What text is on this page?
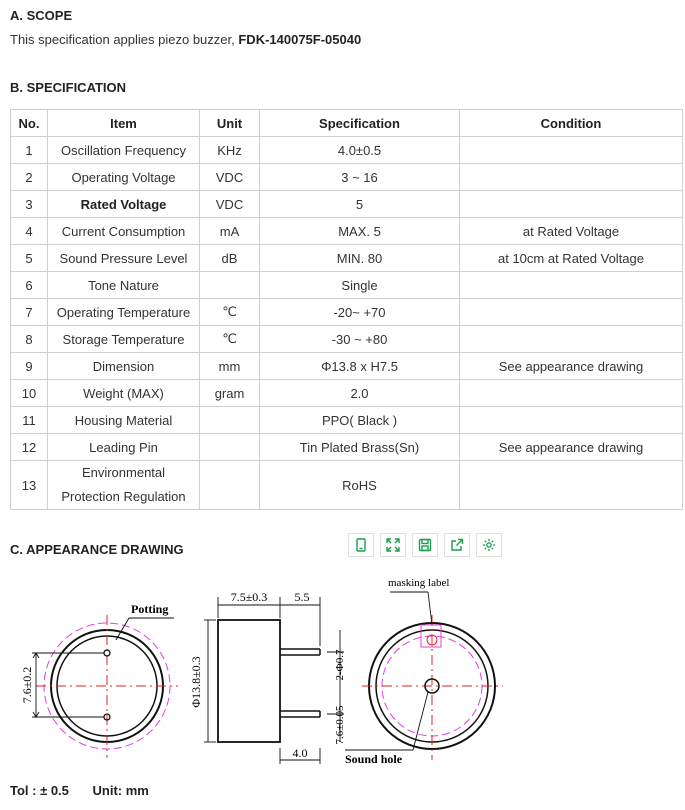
A. SCOPE
This specification applies piezo buzzer, FDK-140075F-05040
B. SPECIFICATION
No.	Item	Unit	Specification	Condition
1	Oscillation Frequency	KHz	4.0±0.5	
2	Operating Voltage	VDC	3 ~ 16	
3	Rated Voltage	VDC	5	
4	Current Consumption	mA	MAX. 5	at Rated Voltage
5	Sound Pressure Level	dB	MIN. 80	at 10cm at Rated Voltage
6	Tone Nature		Single	
7	Operating Temperature	℃	-20~ +70	
8	Storage Temperature	℃	-30 ~ +80	
9	Dimension	mm	Φ13.8 x H7.5	See appearance drawing
10	Weight (MAX)	gram	2.0	
11	Housing Material		PPO( Black )	
12	Leading Pin		Tin Plated Brass(Sn)	See appearance drawing
13	Environmental
Protection Regulation		RoHS	
C. APPEARANCE DRAWING
7.6±0.2
Potting
7.5±0.3 5.5
Φ13.8±0.3
7.6±0.05
2-Φ0.7
4.0
masking label
Sound hole
Tol : ± 0.5 Unit: mm
